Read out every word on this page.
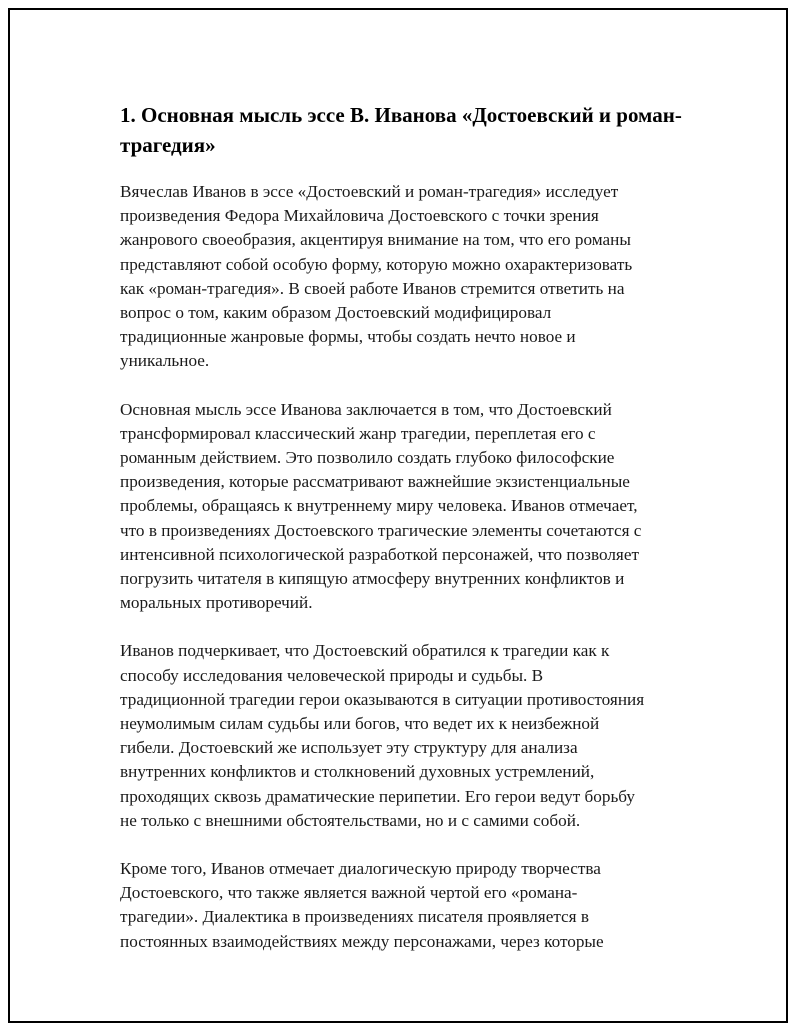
1. Основная мысль эссе В. Иванова «Достоевский и роман-трагедия»

Вячеслав Иванов в эссе «Достоевский и роман-трагедия» исследует
произведения Федора Михайловича Достоевского с точки зрения
жанрового своеобразия, акцентируя внимание на том, что его романы
представляют собой особую форму, которую можно охарактеризовать
как «роман-трагедия». В своей работе Иванов стремится ответить на
вопрос о том, каким образом Достоевский модифицировал
традиционные жанровые формы, чтобы создать нечто новое и
уникальное.

Основная мысль эссе Иванова заключается в том, что Достоевский
трансформировал классический жанр трагедии, переплетая его с
романным действием. Это позволило создать глубоко философские
произведения, которые рассматривают важнейшие экзистенциальные
проблемы, обращаясь к внутреннему миру человека. Иванов отмечает,
что в произведениях Достоевского трагические элементы сочетаются с
интенсивной психологической разработкой персонажей, что позволяет
погрузить читателя в кипящую атмосферу внутренних конфликтов и
моральных противоречий.

Иванов подчеркивает, что Достоевский обратился к трагедии как к
способу исследования человеческой природы и судьбы. В
традиционной трагедии герои оказываются в ситуации противостояния
неумолимым силам судьбы или богов, что ведет их к неизбежной
гибели. Достоевский же использует эту структуру для анализа
внутренних конфликтов и столкновений духовных устремлений,
проходящих сквозь драматические перипетии. Его герои ведут борьбу
не только с внешними обстоятельствами, но и с самими собой.

Кроме того, Иванов отмечает диалогическую природу творчества
Достоевского, что также является важной чертой его «романа-
трагедии». Диалектика в произведениях писателя проявляется в
постоянных взаимодействиях между персонажами, через которые
